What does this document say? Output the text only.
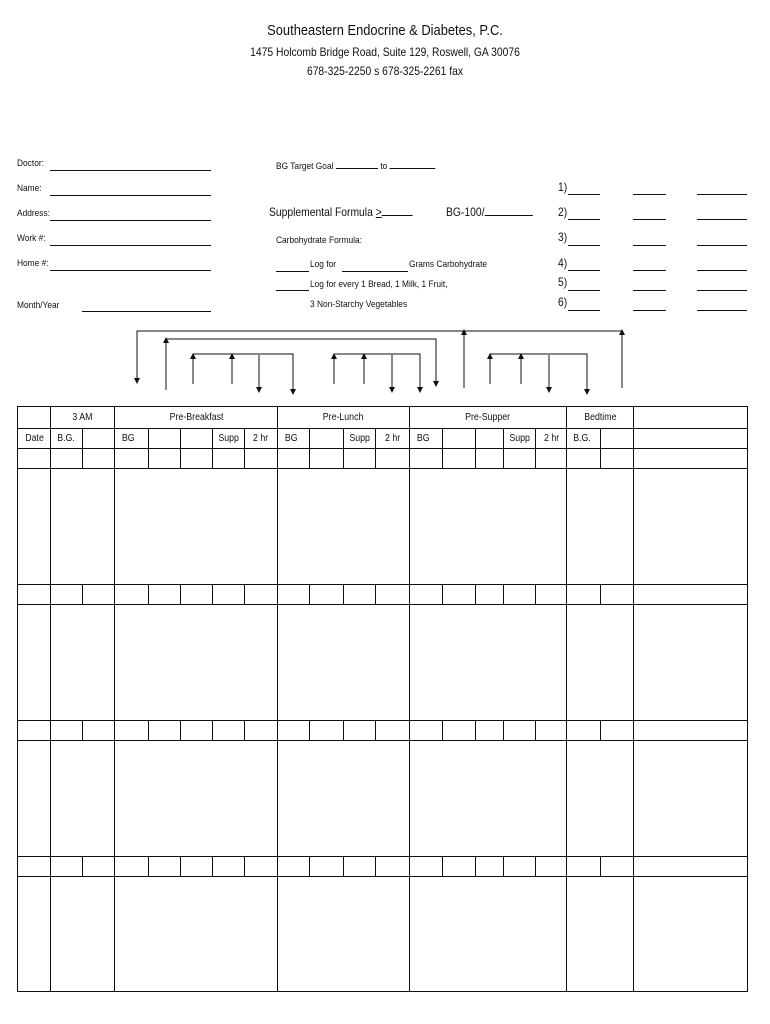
Southeastern Endocrine & Diabetes, P.C.
1475 Holcomb Bridge Road, Suite 129, Roswell, GA 30076
678-325-2250 s 678-325-2261 fax
Doctor:
Name:
Address:
Work #:
Home #:
Month/Year
BG Target Goal	to
Supplemental Formula >	BG-100/
Carbohydrate Formula:
Log for	Grams Carbohydrate
Log for every 1 Bread, 1 Milk, 1 Fruit,
3 Non-Starchy Vegetables
1)
2)
3)
4)
5)
6)
	3 AM		Pre-Breakfast					Pre-Lunch				Pre-Supper					Bedtime		
Date	B.G.		BG			Supp	2 hr	BG		Supp	2 hr	BG			Supp	2 hr	B.G.		
